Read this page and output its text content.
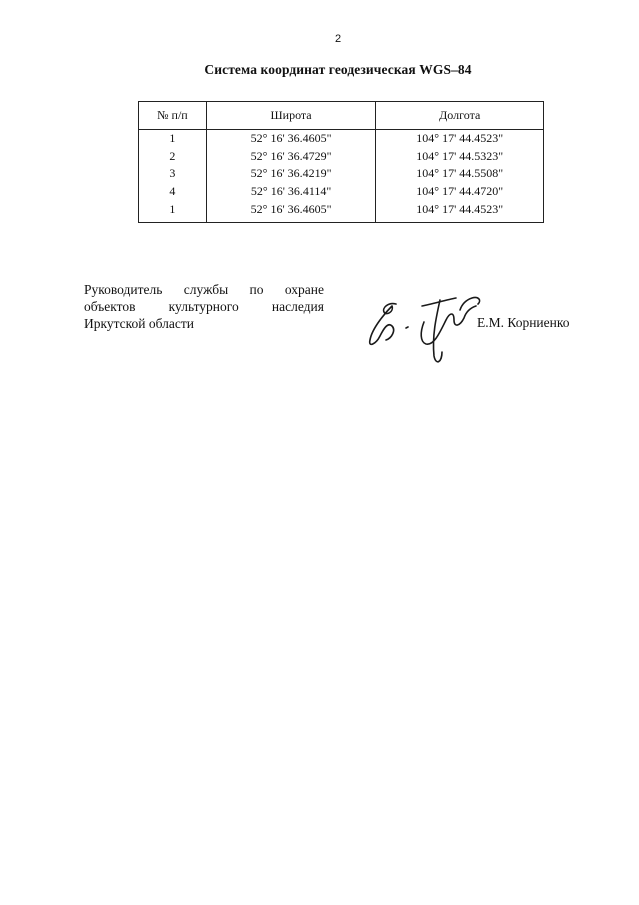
2
Система координат геодезическая WGS–84
№ п/п	Широта	Долгота
1	52° 16' 36.4605"	104° 17' 44.4523"
2	52° 16' 36.4729"	104° 17' 44.5323"
3	52° 16' 36.4219"	104° 17' 44.5508"
4	52° 16' 36.4114"	104° 17' 44.4720"
1	52° 16' 36.4605"	104° 17' 44.4523"
Руководитель службы по охране
объектов культурного наследия
Иркутской области	Е.М. Корниенко
